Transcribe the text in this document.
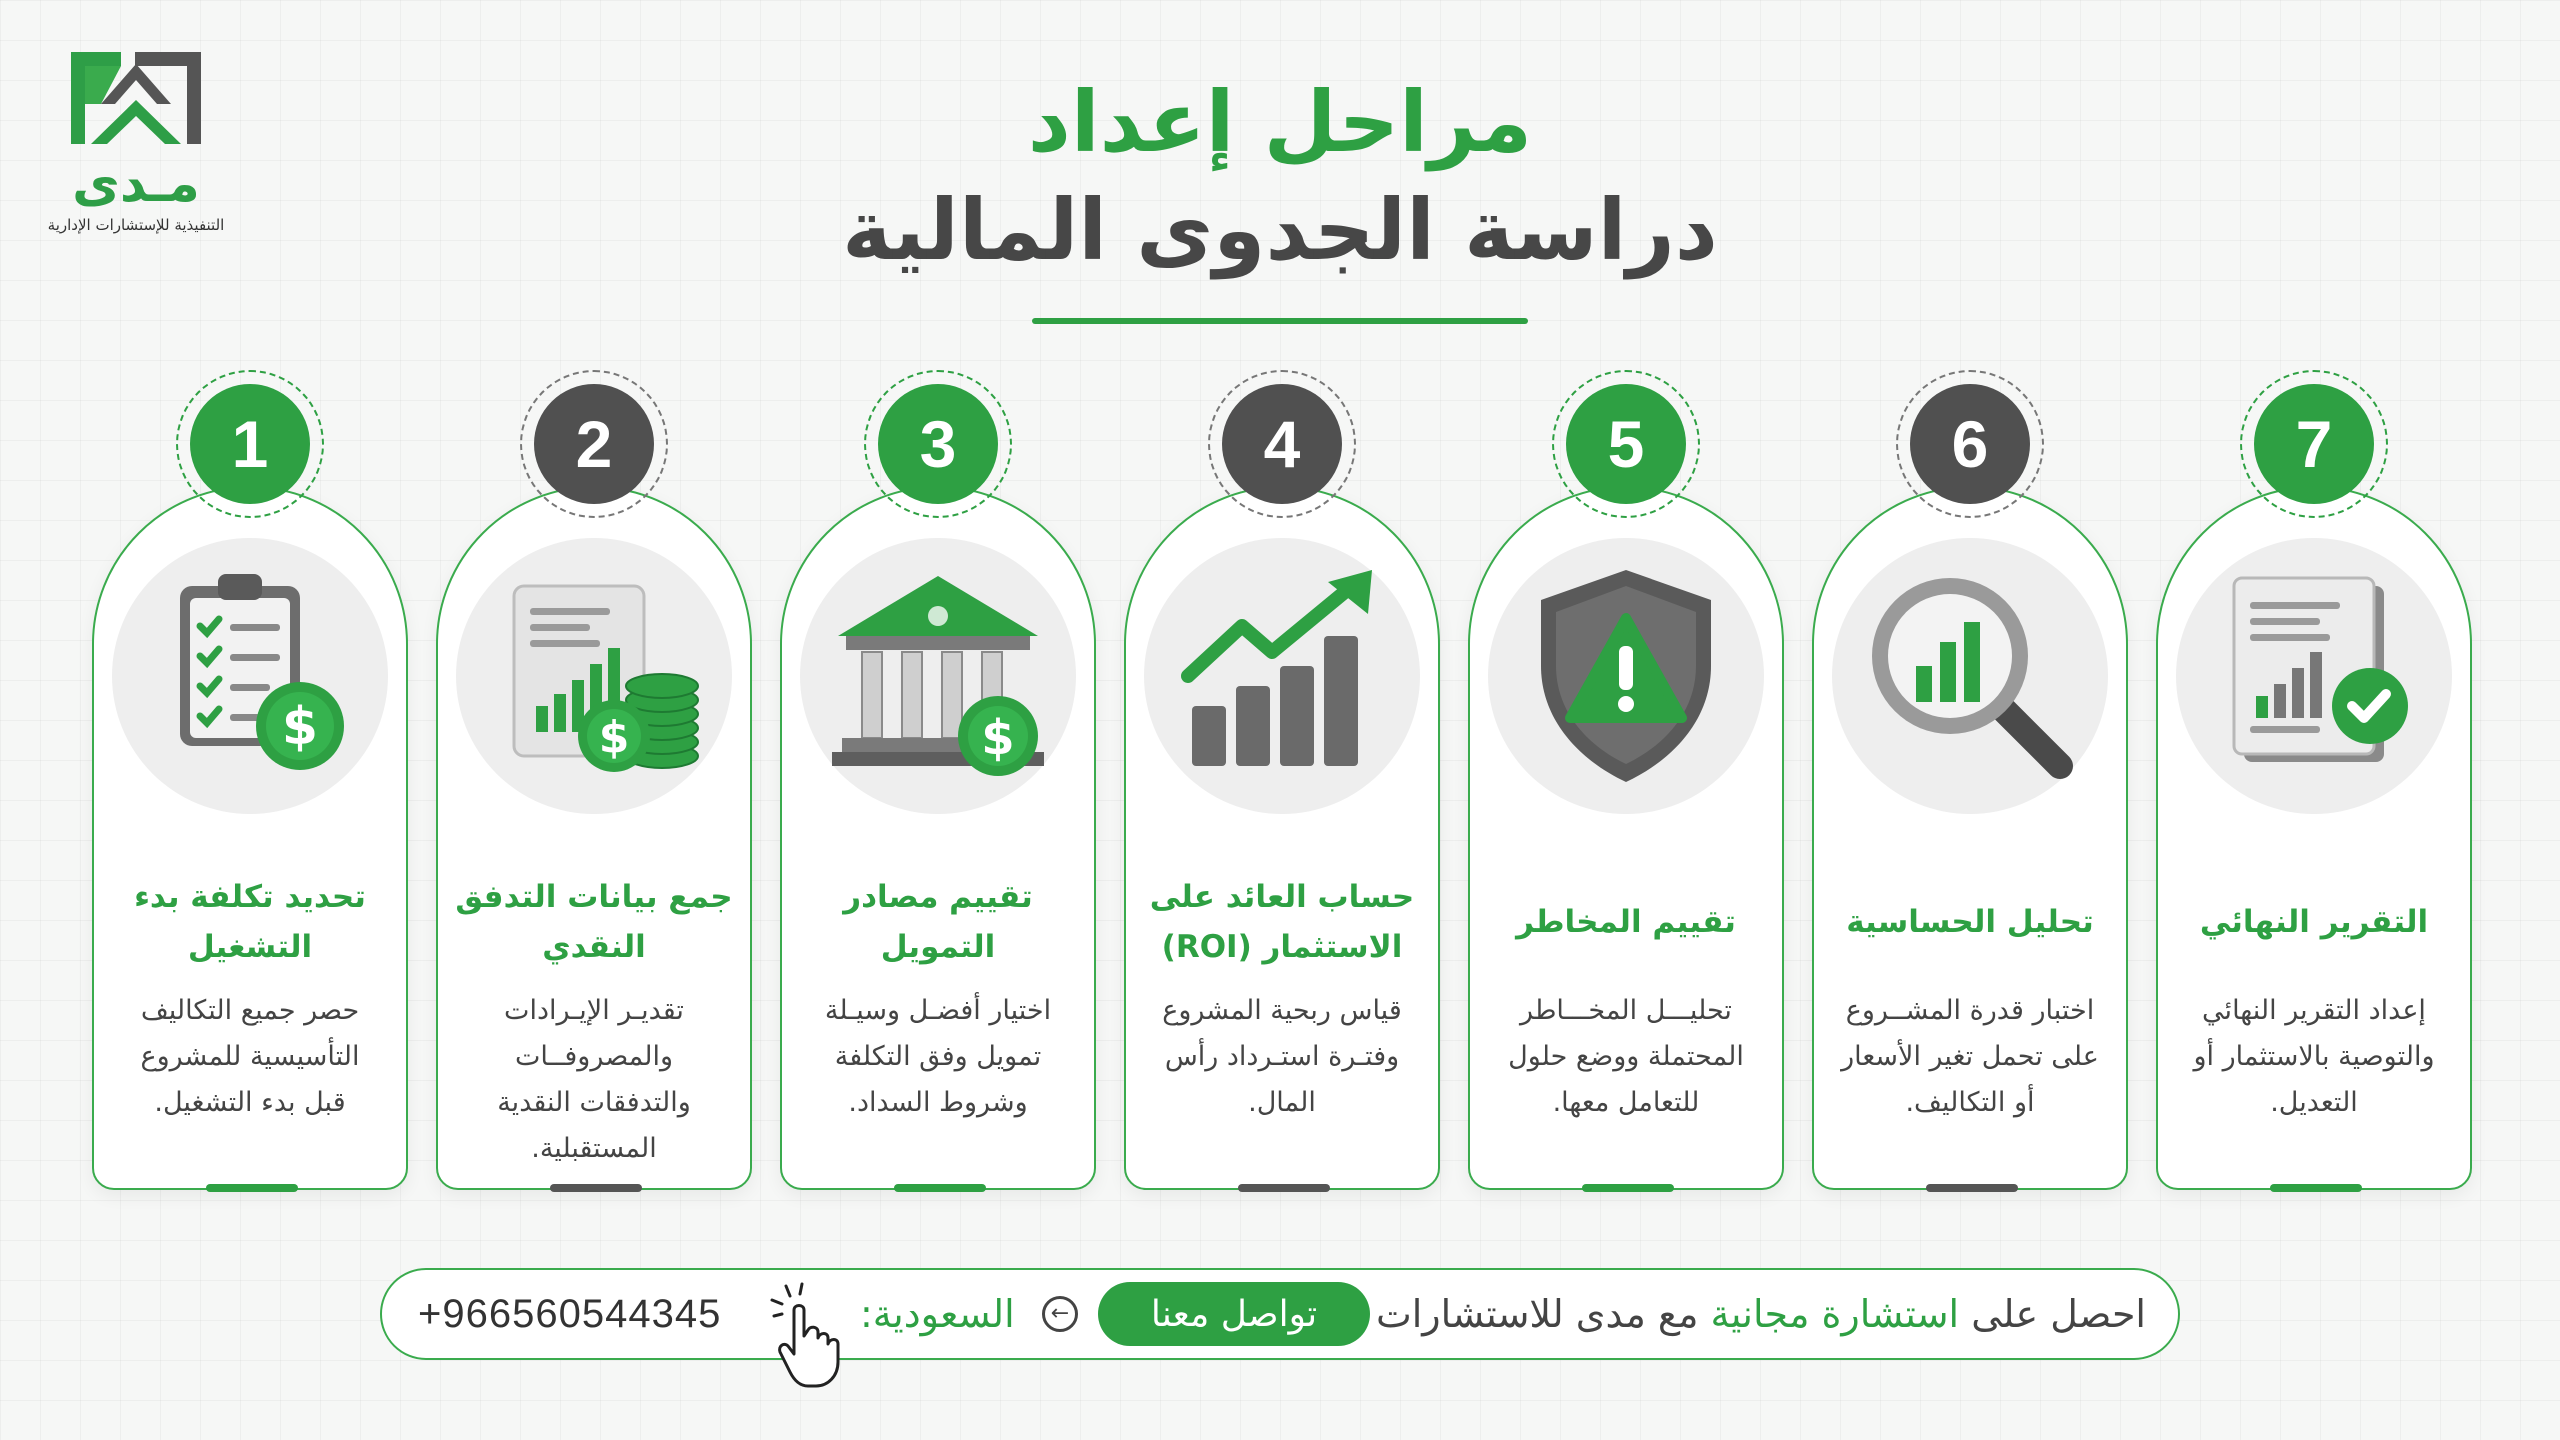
مـدى
التنفيذية للإستشارات الإدارية
مراحل إعداد
دراسة الجدوى المالية
$
تحديد تكلفة بدء التشغيل
حصر جميع التكاليف التأسيسية للمشروع قبل بدء التشغيل.
1
$
جمع بيانات التدفق النقدي
تقديـر الإيـرادات والمصروفــات والتدفقات النقدية المستقبلية.
2
$
تقييم مصادر التمويل
اختيار أفضـل وسيـلة تمويل وفق التكلفة وشروط السداد.
3
حساب العائد على الاستثمار (ROI)
قياس ربحية المشروع وفتـرة استـرداد رأس المال.
4
تقييم المخاطر
تحليـــل المخـــاطر المحتملة ووضع حلول للتعامل معها.
5
تحليل الحساسية
اختبار قدرة المشــروع على تحمل تغير الأسعار أو التكاليف.
6
التقرير النهائي
إعداد التقرير النهائي والتوصية بالاستثمار أو التعديل.
7
احصل على

استشارة مجانية

مع مدى للاستشارات
تواصل معنا
←
السعودية:
+966560544345
